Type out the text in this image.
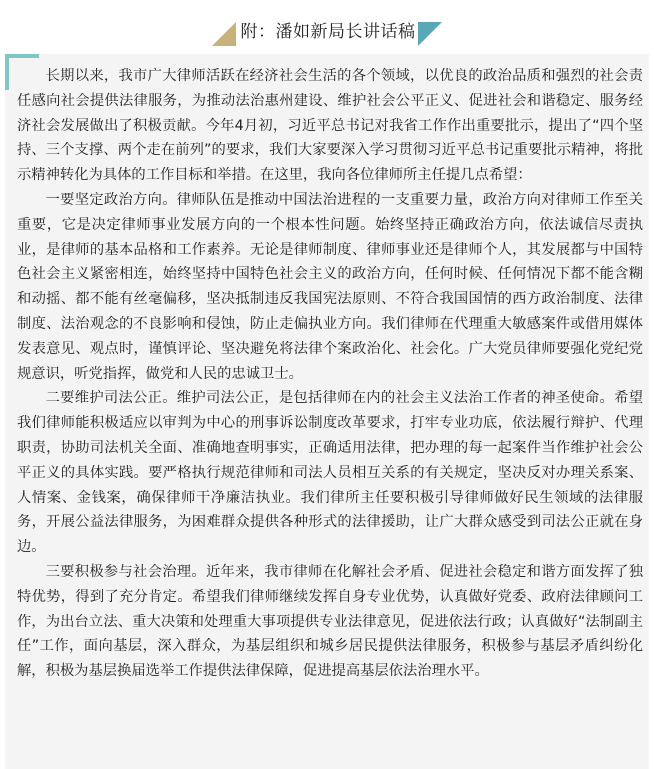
附：潘如新局长讲话稿

长期以来，我市广大律师活跃在经济社会生活的各个领域，以优良的政治品质和强烈的社会责任感向社会提供法律服务，为推动法治惠州建设、维护社会公平正义、促进社会和谐稳定、服务经济社会发展做出了积极贡献。今年4月初，习近平总书记对我省工作作出重要批示，提出了“四个坚持、三个支撑、两个走在前列”的要求，我们大家要深入学习贯彻习近平总书记重要批示精神，将批示精神转化为具体的工作目标和举措。在这里，我向各位律师所主任提几点希望：

一要坚定政治方向。律师队伍是推动中国法治进程的一支重要力量，政治方向对律师工作至关重要，它是决定律师事业发展方向的一个根本性问题。始终坚持正确政治方向，依法诚信尽责执业，是律师的基本品格和工作素养。无论是律师制度、律师事业还是律师个人，其发展都与中国特色社会主义紧密相连，始终坚持中国特色社会主义的政治方向，任何时候、任何情况下都不能含糊和动摇、都不能有丝毫偏移，坚决抵制违反我国宪法原则、不符合我国国情的西方政治制度、法律制度、法治观念的不良影响和侵蚀，防止走偏执业方向。我们律师在代理重大敏感案件或借用媒体发表意见、观点时，谨慎评论、坚决避免将法律个案政治化、社会化。广大党员律师要强化党纪党规意识，听党指挥，做党和人民的忠诚卫士。

二要维护司法公正。维护司法公正，是包括律师在内的社会主义法治工作者的神圣使命。希望我们律师能积极适应以审判为中心的刑事诉讼制度改革要求，打牢专业功底，依法履行辩护、代理职责，协助司法机关全面、准确地查明事实，正确适用法律，把办理的每一起案件当作维护社会公平正义的具体实践。要严格执行规范律师和司法人员相互关系的有关规定，坚决反对办理关系案、人情案、金钱案，确保律师干净廉洁执业。我们律所主任要积极引导律师做好民生领域的法律服务，开展公益法律服务，为困难群众提供各种形式的法律援助，让广大群众感受到司法公正就在身边。

三要积极参与社会治理。近年来，我市律师在化解社会矛盾、促进社会稳定和谐方面发挥了独特优势，得到了充分肯定。希望我们律师继续发挥自身专业优势，认真做好党委、政府法律顾问工作，为出台立法、重大决策和处理重大事项提供专业法律意见，促进依法行政；认真做好“法制副主任”工作，面向基层，深入群众，为基层组织和城乡居民提供法律服务，积极参与基层矛盾纠纷化解，积极为基层换届选举工作提供法律保障，促进提高基层依法治理水平。
